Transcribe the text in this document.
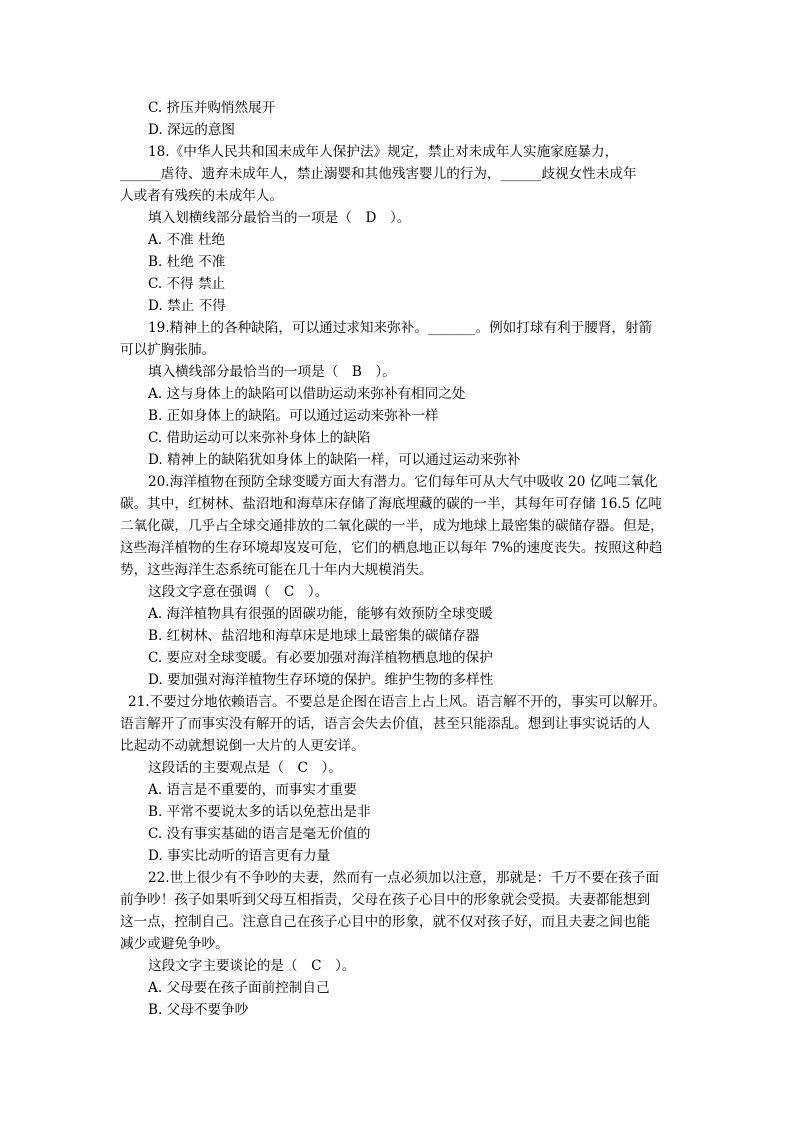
C. 挤压并购悄然展开
D. 深远的意图
18.《中华人民共和国未成年人保护法》规定，禁止对未成年人实施家庭暴力，
______虐待、遗弃未成年人，禁止溺婴和其他残害婴儿的行为，______歧视女性未成年
人或者有残疾的未成年人。
填入划横线部分最恰当的一项是（　D　）。
A. 不准 杜绝
B. 杜绝 不准
C. 不得 禁止
D. 禁止 不得
19.精神上的各种缺陷，可以通过求知来弥补。_______。例如打球有利于腰肾，射箭
可以扩胸张肺。
填入横线部分最恰当的一项是（　B　）。
A. 这与身体上的缺陷可以借助运动来弥补有相同之处
B. 正如身体上的缺陷。可以通过运动来弥补一样
C. 借助运动可以来弥补身体上的缺陷
D. 精神上的缺陷犹如身体上的缺陷一样，可以通过运动来弥补
20.海洋植物在预防全球变暖方面大有潜力。它们每年可从大气中吸收 20 亿吨二氧化
碳。其中，红树林、盐沼地和海草床存储了海底埋藏的碳的一半，其每年可存储 16.5 亿吨
二氧化碳，几乎占全球交通排放的二氧化碳的一半，成为地球上最密集的碳储存器。但是，
这些海洋植物的生存环境却岌岌可危，它们的栖息地正以每年 7%的速度丧失。按照这种趋
势，这些海洋生态系统可能在几十年内大规模消失。
这段文字意在强调（　C　）。
A. 海洋植物具有很强的固碳功能，能够有效预防全球变暖
B. 红树林、盐沼地和海草床是地球上最密集的碳储存器
C. 要应对全球变暖。有必要加强对海洋植物栖息地的保护
D. 要加强对海洋植物生存环境的保护。维护生物的多样性
21.不要过分地依赖语言。不要总是企图在语言上占上风。语言解不开的，事实可以解开。
语言解开了而事实没有解开的话，语言会失去价值，甚至只能添乱。想到让事实说话的人
比起动不动就想说倒一大片的人更安详。
这段话的主要观点是（　C　）。
A. 语言是不重要的，而事实才重要
B. 平常不要说太多的话以免惹出是非
C. 没有事实基础的语言是毫无价值的
D. 事实比动听的语言更有力量
22.世上很少有不争吵的夫妻，然而有一点必须加以注意，那就是：千万不要在孩子面
前争吵！孩子如果听到父母互相指责，父母在孩子心目中的形象就会受损。夫妻都能想到
这一点，控制自己。注意自己在孩子心目中的形象，就不仅对孩子好，而且夫妻之间也能
减少或避免争吵。
这段文字主要谈论的是（　C　）。
A. 父母要在孩子面前控制自己
B. 父母不要争吵
